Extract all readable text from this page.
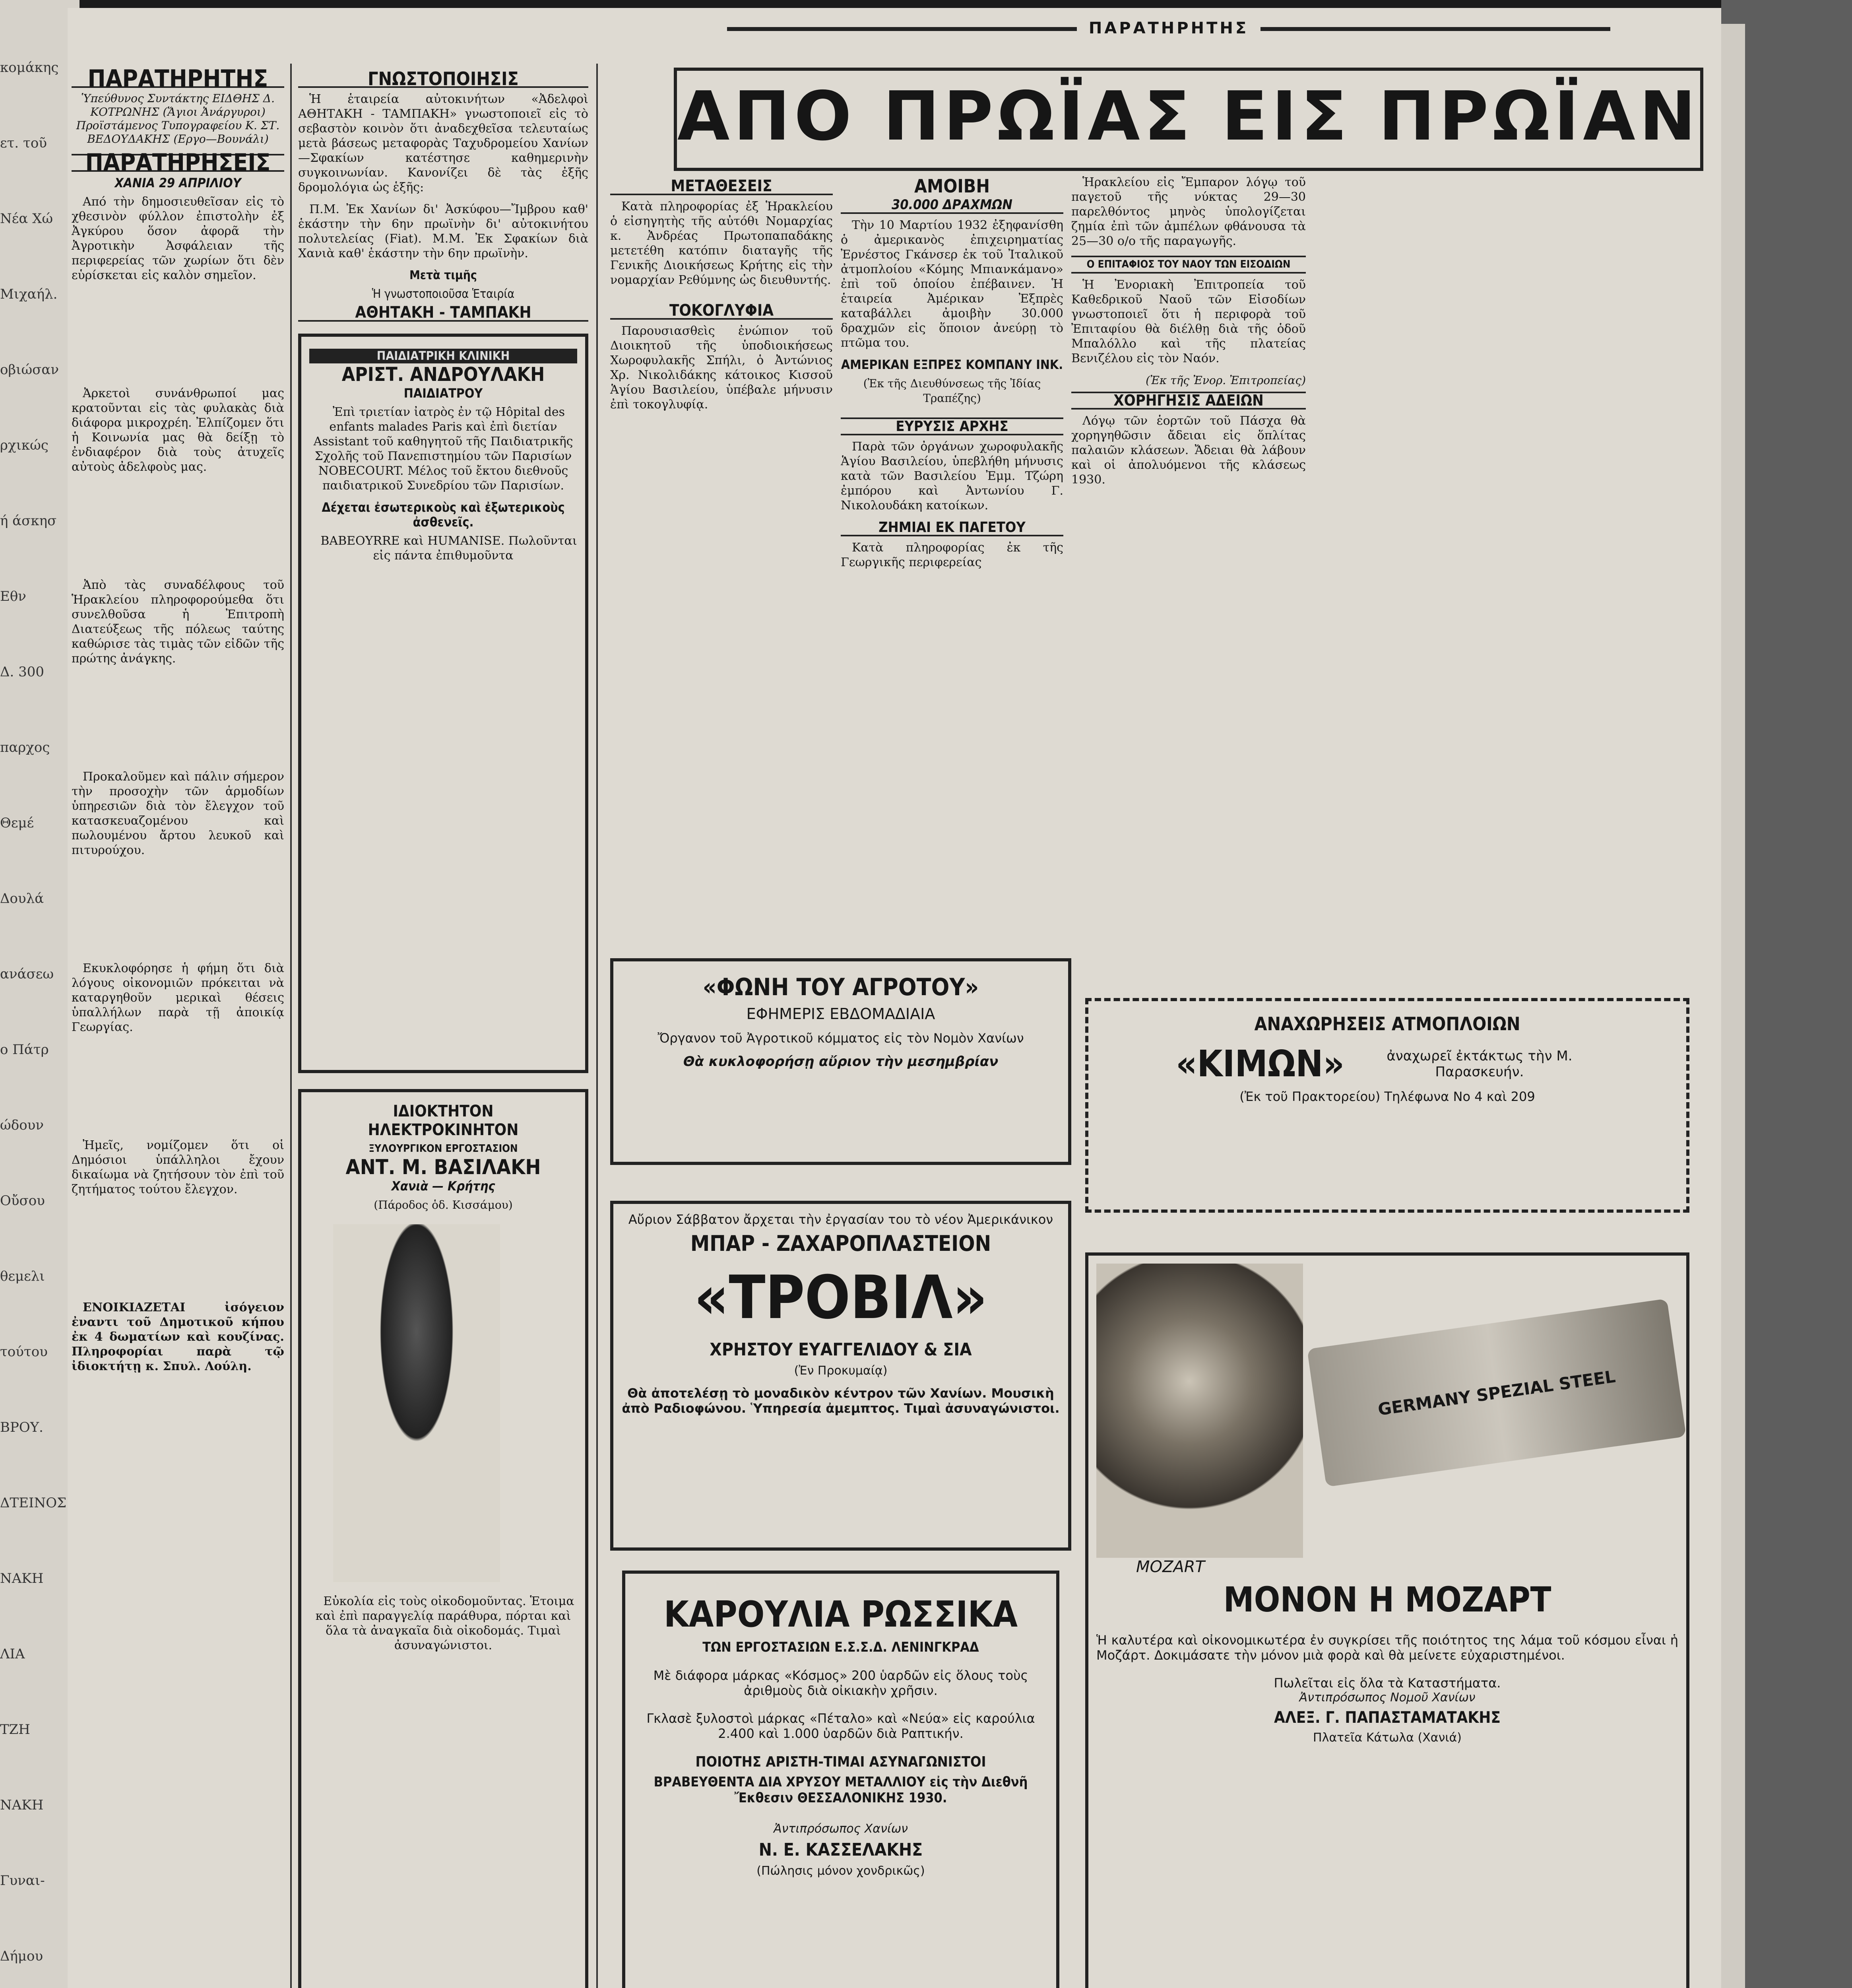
κομάκης

ετ. τοῦ

Νέα Χώ

Μιχαήλ.

οβιώσαν

ρχικώς

ή άσκησ

Εθν

Δ. 300

παρχος

Θεμέ

Δουλά

ανάσεω

ο Πάτρ

ώδουν

Οὔσου

θεμελι

τούτου

ΒΡΟΥ.

ΔΤΕΙΝΟΣ

ΝΑΚΗ

ΛΙΑ

ΤΖΗ

ΝΑΚΗ

Γυναι-

Δήμου

ΠΑΡΑΤΗΡΗΤΗΣ
ΑΠΟ ΠΡΩΪΑΣ ΕΙΣ ΠΡΩΪΑΝ
ΠΑΡΑΤΗΡΗΤΗΣ
Ὑπεύθυνος Συντάκτης ΕΙΔΘΗΣ Δ. ΚΟΤΡΩΝΗΣ (Ἅγιοι Ἀνάργυροι) Προϊστάμενος Τυπογραφείου Κ. ΣΤ. ΒΕΔΟΥΔΑΚΗΣ (Εργο—Βουνάλι)
ΠΑΡΑΤΗΡΗΣΕΙΣ
ΧΑΝΙΑ 29 ΑΠΡΙΛΙΟΥ

Από τὴν δημοσιευθεῖσαν εἰς τὸ χθεσινὸν φύλλον ἐπιστολὴν ἐξ Ἀγκύρου ὅσον ἀφορᾶ τὴν Ἀγροτικὴν Ἀσφάλειαν τῆς περιφερείας τῶν χωρίων ὅτι δὲν εὑρίσκεται εἰς καλὸν σημεῖον.

Ἀρκετοὶ συνάνθρωποί μας κρατοῦνται εἰς τὰς φυλακὰς διὰ διάφορα μικροχρέη. Ἐλπίζομεν ὅτι ἡ Κοινωνία μας θὰ δείξῃ τὸ ἐνδιαφέρον διὰ τοὺς ἀτυχεῖς αὐτοὺς ἀδελφοὺς μας.

Ἀπὸ τὰς συναδέλφους τοῦ Ἡρακλείου πληροφορούμεθα ὅτι συνελθοῦσα ἡ Ἐπιτροπὴ Διατεύξεως τῆς πόλεως ταύτης καθώρισε τὰς τιμὰς τῶν εἰδῶν τῆς πρώτης ἀνάγκης.

Προκαλοῦμεν καὶ πάλιν σήμερον τὴν προσοχὴν τῶν ἁρμοδίων ὑπηρεσιῶν διὰ τὸν ἔλεγχον τοῦ κατασκευαζομένου καὶ πωλουμένου ἄρτου λευκοῦ καὶ πιτυρούχου.

Εκυκλοφόρησε ἡ φήμη ὅτι διὰ λόγους οἰκονομιῶν πρόκειται νὰ καταργηθοῦν μερικαὶ θέσεις ὑπαλλήλων παρὰ τῇ ἀποικίᾳ Γεωργίας.

Ἠμεῖς, νομίζομεν ὅτι οἱ Δημόσιοι ὑπάλληλοι ἔχουν δικαίωμα νὰ ζητήσουν τὸν ἐπὶ τοῦ ζητήματος τούτου ἔλεγχον.

ΕΝΟΙΚΙΑΖΕΤΑΙ ἰσόγειον ἐναντι τοῦ Δημοτικοῦ κήπου ἐκ 4 δωματίων καὶ κουζίνας. Πληροφορίαι παρὰ τῷ ἰδιοκτήτῃ κ. Σπυλ. Λούλη.

ΓΝΩΣΤΟΠΟΙΗΣΙΣ

Ἡ ἑταιρεία αὐτοκινήτων «Ἀδελφοὶ ΑΘΗΤΑΚΗ - ΤΑΜΠΑΚΗ» γνωστοποιεῖ εἰς τὸ σεβαστὸν κοινὸν ὅτι ἀναδεχθεῖσα τελευταίως μετὰ βάσεως μεταφορὰς Ταχυδρομείου Χανίων—Σφακίων κατέστησε καθημερινὴν συγκοινωνίαν. Κανονίζει δὲ τὰς ἐξῆς δρομολόγια ὡς ἑξῆς:

Π.Μ. Ἐκ Χανίων δι' Ἀσκύφου—Ἴμβρου καθ' ἑκάστην τὴν 6ην πρωϊνὴν δι' αὐτοκινήτου πολυτελείας (Fiat). Μ.Μ. Ἐκ Σφακίων διὰ Χανιὰ καθ' ἑκάστην τὴν 6ην πρωϊνὴν.

Μετὰ τιμῆς
Ἡ γνωστοποιοῦσα Ἑταιρία
ΑΘΗΤΑΚΗ - ΤΑΜΠΑΚΗ
ΠΑΙΔΙΑΤΡΙΚΗ ΚΛΙΝΙΚΗ
ΑΡΙΣΤ. ΑΝΔΡΟΥΛΑΚΗ
ΠΑΙΔΙΑΤΡΟΥ

Ἐπὶ τριετίαν ἰατρὸς ἐν τῷ Hôpital des enfants malades Paris καὶ ἐπὶ διετίαν Assistant τοῦ καθηγητοῦ τῆς Παιδιατρικῆς Σχολῆς τοῦ Πανεπιστημίου τῶν Παρισίων NOBECOURT. Μέλος τοῦ ἔκτου διεθνοῦς παιδιατρικοῦ Συνεδρίου τῶν Παρισίων.

Δέχεται ἐσωτερικοὺς καὶ ἐξωτερικοὺς ἀσθενεῖς.

ΒΑΒΕΟΥRRE καὶ HUMANISE. Πωλοῦνται εἰς πάντα ἐπιθυμοῦντα

ΙΔΙΟΚΤΗΤΟΝ
ΗΛΕΚΤΡΟΚΙΝΗΤΟΝ
ΞΥΛΟΥΡΓΙΚΟΝ ΕΡΓΟΣΤΑΣΙΟΝ
ΑΝΤ. Μ. ΒΑΣΙΛΑΚΗ
Χανιὰ — Κρήτης
(Πάροδος ὁδ. Κισσάμου)

Εὐκολία εἰς τοὺς οἰκοδομοῦντας. Ἑτοιμα καὶ ἐπὶ παραγγελίᾳ παράθυρα, πόρται καὶ ὅλα τὰ ἀναγκαῖα διὰ οἰκοδομάς. Τιμαὶ ἀσυναγώνιστοι.

ΜΕΤΑΘΕΣΕΙΣ

Κατὰ πληροφορίας ἐξ Ἡρακλείου ὁ εἰσηγητὴς τῆς αὐτόθι Νομαρχίας κ. Ἀνδρέας Πρωτοπαπαδάκης μετετέθη κατόπιν διαταγῆς τῆς Γενικῆς Διοικήσεως Κρήτης εἰς τὴν νομαρχίαν Ρεθύμνης ὡς διευθυντής.

ΤΟΚΟΓΛΥΦΙΑ

Παρουσιασθεὶς ἐνώπιον τοῦ Διοικητοῦ τῆς ὑποδιοικήσεως Χωροφυλακῆς Σπήλι, ὁ Ἀντώνιος Χρ. Νικολιδάκης κάτοικος Κισσοῦ Ἁγίου Βασιλείου, ὑπέβαλε μήνυσιν ἐπὶ τοκογλυφίᾳ.

ΑΜΟΙΒΗ
30.000 ΔΡΑΧΜΩΝ

Τὴν 10 Μαρτίου 1932 ἐξηφανίσθη ὁ ἀμερικανὸς ἐπιχειρηματίας Ἐρνέστος Γκάνσερ ἐκ τοῦ Ἰταλικοῦ ἀτμοπλοίου «Κόμης Μπιανκάμανο» ἐπὶ τοῦ ὁποίου ἐπέβαινεν. Ἡ ἑταιρεία Ἀμέρικαν Ἐξπρὲς καταβάλλει ἀμοιβὴν 30.000 δραχμῶν εἰς ὅποιον ἀνεύρῃ τὸ πτῶμα του.

ΑΜΕΡΙΚΑΝ ΕΞΠΡΕΣ ΚΟΜΠΑΝΥ ΙΝΚ.
(Ἐκ τῆς Διευθύνσεως τῆς Ἰδίας Τραπέζης)
ΕΥΡΥΣΙΣ ΑΡΧΗΣ

Παρὰ τῶν ὀργάνων χωροφυλακῆς Ἁγίου Βασιλείου, ὑπεβλήθη μήνυσις κατὰ τῶν Βασιλείου Ἐμμ. Τζώρη ἐμπόρου καὶ Ἀντωνίου Γ. Νικολουδάκη κατοίκων.

ΖΗΜΙΑΙ ΕΚ ΠΑΓΕΤΟΥ

Κατὰ πληροφορίας ἐκ τῆς Γεωργικῆς περιφερείας

Ἡρακλείου εἰς Ἔμπαρον λόγῳ τοῦ παγετοῦ τῆς νύκτας 29—30 παρελθόντος μηνὸς ὑπολογίζεται ζημία ἐπὶ τῶν ἀμπέλων φθάνουσα τὰ 25—30 ο/ο τῆς παραγωγῆς.

Ο ΕΠΙΤΑΦΙΟΣ ΤΟΥ ΝΑΟΥ ΤΩΝ ΕΙΣΟΔΙΩΝ

Ἡ Ἐνοριακὴ Ἐπιτροπεία τοῦ Καθεδρικοῦ Ναοῦ τῶν Εἰσοδίων γνωστοποιεῖ ὅτι ἡ περιφορὰ τοῦ Ἐπιταφίου θὰ διέλθῃ διὰ τῆς ὁδοῦ Μπαλόλλο καὶ τῆς πλατείας Βενιζέλου εἰς τὸν Ναόν.

(Ἐκ τῆς Ἐνορ. Ἐπιτροπείας)
ΧΟΡΗΓΗΣΙΣ ΑΔΕΙΩΝ

Λόγῳ τῶν ἑορτῶν τοῦ Πάσχα θὰ χορηγηθῶσιν ἄδειαι εἰς ὅπλίτας παλαιῶν κλάσεων. Ἄδειαι θὰ λάβουν καὶ οἱ ἀπολυόμενοι τῆς κλάσεως 1930.

«ΦΩΝΗ ΤΟΥ ΑΓΡΟΤΟΥ»
ΕΦΗΜΕΡΙΣ ΕΒΔΟΜΑΔΙΑΙΑ
Ὄργανον τοῦ Ἀγροτικοῦ κόμματος εἰς τὸν Νομὸν Χανίων
Θὰ κυκλοφορήσῃ αὔριον τὴν μεσημβρίαν
Αὔριον Σάββατον ἄρχεται τὴν ἐργασίαν του τὸ νέον Ἀμερικάνικον
ΜΠΑΡ - ΖΑΧΑΡΟΠΛΑΣΤΕΙΟΝ
«ΤΡΟΒΙΛ»
ΧΡΗΣΤΟΥ ΕΥΑΓΓΕΛΙΔΟΥ & ΣΙΑ
(Ἐν Προκυμαίᾳ)
Θὰ ἀποτελέσῃ τὸ μοναδικὸν κέντρον τῶν Χανίων. Μουσικὴ ἀπὸ Ραδιοφώνου. Ὑπηρεσία ἀμεμπτος. Τιμαὶ ἀσυναγώνιστοι.
ΚΑΡΟΥΛΙΑ ΡΩΣΣΙΚΑ
ΤΩΝ ΕΡΓΟΣΤΑΣΙΩΝ Ε.Σ.Σ.Δ. ΛΕΝΙΝΓΚΡΑΔ

Μὲ διάφορα μάρκας «Κόσμος» 200 ὑαρδῶν εἰς ὅλους τοὺς ἀριθμοὺς διὰ οἰκιακὴν χρῆσιν.

Γκλασὲ ξυλοστοὶ μάρκας «Πέταλο» καὶ «Νεύα» εἰς καρούλια 2.400 καὶ 1.000 ὑαρδῶν διὰ Ραπτικήν.

ΠΟΙΟΤΗΣ ΑΡΙΣΤΗ-ΤΙΜΑΙ ΑΣΥΝΑΓΩΝΙΣΤΟΙ
ΒΡΑΒΕΥΘΕΝΤΑ ΔΙΑ ΧΡΥΣΟΥ ΜΕΤΑΛΛΙΟΥ εἰς τὴν Διεθνῆ Ἔκθεσιν ΘΕΣΣΑΛΟΝΙΚΗΣ 1930.
Ἀντιπρόσωπος Χανίων
Ν. Ε. ΚΑΣΣΕΛΑΚΗΣ
(Πώλησις μόνον χονδρικῶς)

ΑΝΑΧΩΡΗΣΕΙΣ ΑΤΜΟΠΛΟΙΩΝ
«ΚΙΜΩΝ»	ἀναχωρεῖ ἐκτάκτως τὴν Μ. Παρασκευήν.
(Ἐκ τοῦ Πρακτορείου) Τηλέφωνα Νο 4 καὶ 209
GERMANY SPEZIAL STEEL
MOZART
ΜΟΝΟΝ Η ΜΟΖΑΡΤ

Ἡ καλυτέρα καὶ οἰκονομικωτέρα ἐν συγκρίσει τῆς ποιότητος της λάμα τοῦ κόσμου εἶναι ἡ Μοζάρτ. Δοκιμάσατε τὴν μόνον μιὰ φορὰ καὶ θὰ μείνετε εὐχαριστημένοι.

Πωλεῖται εἰς ὅλα τὰ Καταστήματα.
Ἀντιπρόσωπος Νομοῦ Χανίων
ΑΛΕΞ. Γ. ΠΑΠΑΣΤΑΜΑΤΑΚΗΣ
Πλατεῖα Κάτωλα (Χανιά)
